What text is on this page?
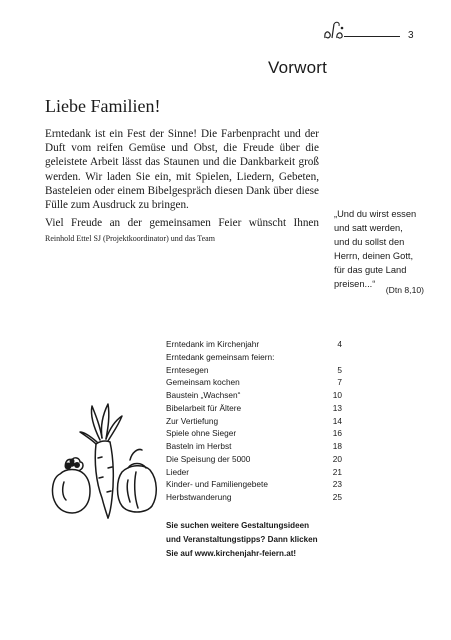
3
Vorwort
Liebe Familien!

Erntedank ist ein Fest der Sinne! Die Farbenpracht und der Duft vom reifen Gemüse und Obst, die Freude über die geleistete Arbeit lässt das Staunen und die Dankbarkeit groß werden. Wir laden Sie ein, mit Spielen, Liedern, Gebeten, Basteleien oder einem Bibelgespräch diesen Dank über diese Fülle zum Ausdruck zu bringen.

Viel Freude an der gemeinsamen Feier wünscht Ihnen
Reinhold Ettel SJ (Projektkoordinator) und das Team
„Und du wirst essen
und satt werden,
und du sollst den
Herrn, deinen Gott,
für das gute Land
preisen...“
(Dtn 8,10)
Erntedank im Kirchenjahr	4
Erntedank gemeinsam feiern:
Erntesegen	5
Gemeinsam kochen	7
Baustein „Wachsen“	10
Bibelarbeit für Ältere	13
Zur Vertiefung	14
Spiele ohne Sieger	16
Basteln im Herbst	18
Die Speisung der 5000	20
Lieder	21
Kinder- und Familiengebete	23
Herbstwanderung	25
Sie suchen weitere Gestaltungsideen
und Veranstaltungstipps? Dann klicken
Sie auf www.kirchenjahr-feiern.at!
